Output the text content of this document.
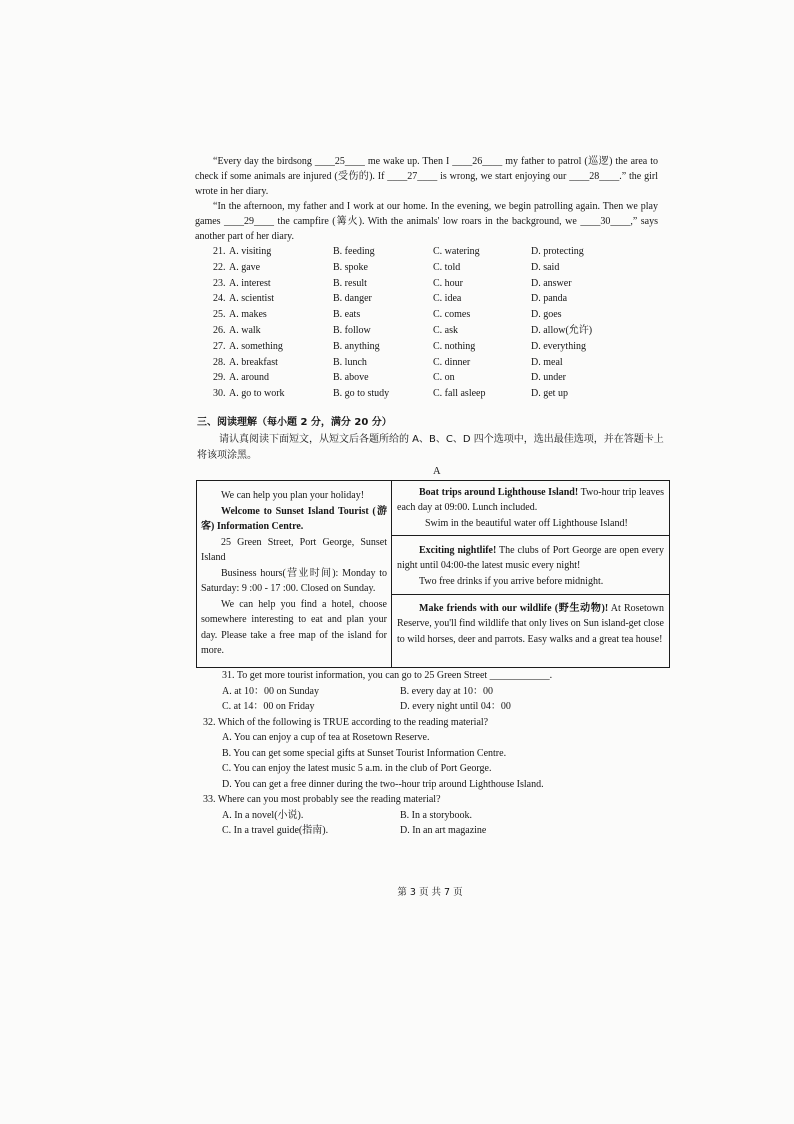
“Every day the birdsong ____25____ me wake up. Then I ____26____ my father to patrol (巡逻) the area to check if some animals are injured (受伤的). If ____27____ is wrong, we start enjoying our ____28____.” the girl wrote in her diary.

“In the afternoon, my father and I work at our home. In the evening, we begin patrolling again. Then we play games ____29____ the campfire (篝火). With the animals' low roars in the background, we ____30____,” says another part of her diary.

21. A. visiting	B. feeding	C. watering	D. protecting
22. A. gave	B. spoke	C. told	D. said
23. A. interest	B. result	C. hour	D. answer
24. A. scientist	B. danger	C. idea	D. panda
25. A. makes	B. eats	C. comes	D. goes
26. A. walk	B. follow	C. ask	D. allow(允许)
27. A. something	B. anything	C. nothing	D. everything
28. A. breakfast	B. lunch	C. dinner	D. meal
29. A. around	B. above	C. on	D. under
30. A. go to work	B. go to study	C. fall asleep	D. get up
三、阅读理解（每小题 2 分，满分 20 分）
请认真阅读下面短文，从短文后各题所给的 A、B、C、D 四个选项中，选出最佳选项，并在答题卡上将该项涂黑。
A

We can help you plan your holiday!

Welcome to Sunset Island Tourist (游客) Information Centre.

25 Green Street, Port George, Sunset Island

Business hours(营业时间): Monday to Saturday: 9 :00 - 17 :00. Closed on Sunday.

We can help you find a hotel, choose somewhere interesting to eat and plan your day. Please take a free map of the island for more.

Boat trips around Lighthouse Island! Two-hour trip leaves each day at 09:00. Lunch included.

Swim in the beautiful water off Lighthouse Island!

Exciting nightlife! The clubs of Port George are open every night until 04:00-the latest music every night!

Two free drinks if you arrive before midnight.

Make friends with our wildlife (野生动物)! At Rosetown Reserve, you'll find wildlife that only lives on Sun island-get close to wild horses, deer and parrots. Easy walks and a great tea house!

31. To get more tourist information, you can go to 25 Green Street ____________.
A. at 10：00 on Sunday	B. every day at 10：00
C. at 14：00 on Friday	D. every night until 04：00
32. Which of the following is TRUE according to the reading material?
A. You can enjoy a cup of tea at Rosetown Reserve.
B. You can get some special gifts at Sunset Tourist Information Centre.
C. You can enjoy the latest music 5 a.m. in the club of Port George.
D. You can get a free dinner during the two--hour trip around Lighthouse Island.
33. Where can you most probably see the reading material?
A. In a novel(小说).	B. In a storybook.
C. In a travel guide(指南).	D. In an art magazine
第 3 页 共 7 页
